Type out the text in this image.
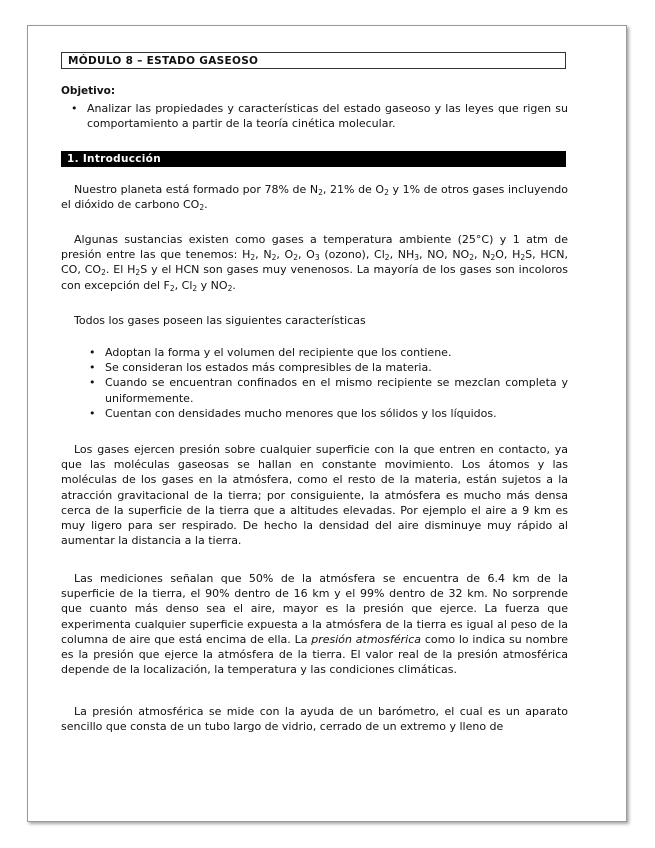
MÓDULO 8 – ESTADO GASEOSO
Objetivo:
• Analizar las propiedades y características del estado gaseoso y las leyes que rigen su comportamiento a partir de la teoría cinética molecular.
1. Introducción

Nuestro planeta está formado por 78% de $N_2$, 21% de $O_2$ y 1% de otros gases incluyendo el dióxido de carbono $CO_2$.

Algunas sustancias existen como gases a temperatura ambiente (25°C) y 1 atm de presión entre las que tenemos: $H_2$, $N_2$, $O_2$, $O_3$ (ozono), $Cl_2$, $NH_3$, NO, $NO_2$, $N_2O$, $H_2S$, HCN, CO, $CO_2$. El $H_2S$ y el HCN son gases muy venenosos. La mayoría de los gases son incoloros con excepción del $F_2$, $Cl_2$ y $NO_2$.

Todos los gases poseen las siguientes características

• Adoptan la forma y el volumen del recipiente que los contiene.
• Se consideran los estados más compresibles de la materia.
• Cuando se encuentran confinados en el mismo recipiente se mezclan completa y uniformemente.
• Cuentan con densidades mucho menores que los sólidos y los líquidos.

Los gases ejercen presión sobre cualquier superficie con la que entren en contacto, ya que las moléculas gaseosas se hallan en constante movimiento. Los átomos y las moléculas de los gases en la atmósfera, como el resto de la materia, están sujetos a la atracción gravitacional de la tierra; por consiguiente, la atmósfera es mucho más densa cerca de la superficie de la tierra que a altitudes elevadas. Por ejemplo el aire a 9 km es muy ligero para ser respirado. De hecho la densidad del aire disminuye muy rápido al aumentar la distancia a la tierra.

Las mediciones señalan que 50% de la atmósfera se encuentra de 6.4 km de la superficie de la tierra, el 90% dentro de 16 km y el 99% dentro de 32 km. No sorprende que cuanto más denso sea el aire, mayor es la presión que ejerce. La fuerza que experimenta cualquier superficie expuesta a la atmósfera de la tierra es igual al peso de la columna de aire que está encima de ella. La presión atmosférica como lo indica su nombre es la presión que ejerce la atmósfera de la tierra. El valor real de la presión atmosférica depende de la localización, la temperatura y las condiciones climáticas.

La presión atmosférica se mide con la ayuda de un barómetro, el cual es un aparato sencillo que consta de un tubo largo de vidrio, cerrado de un extremo y lleno de
